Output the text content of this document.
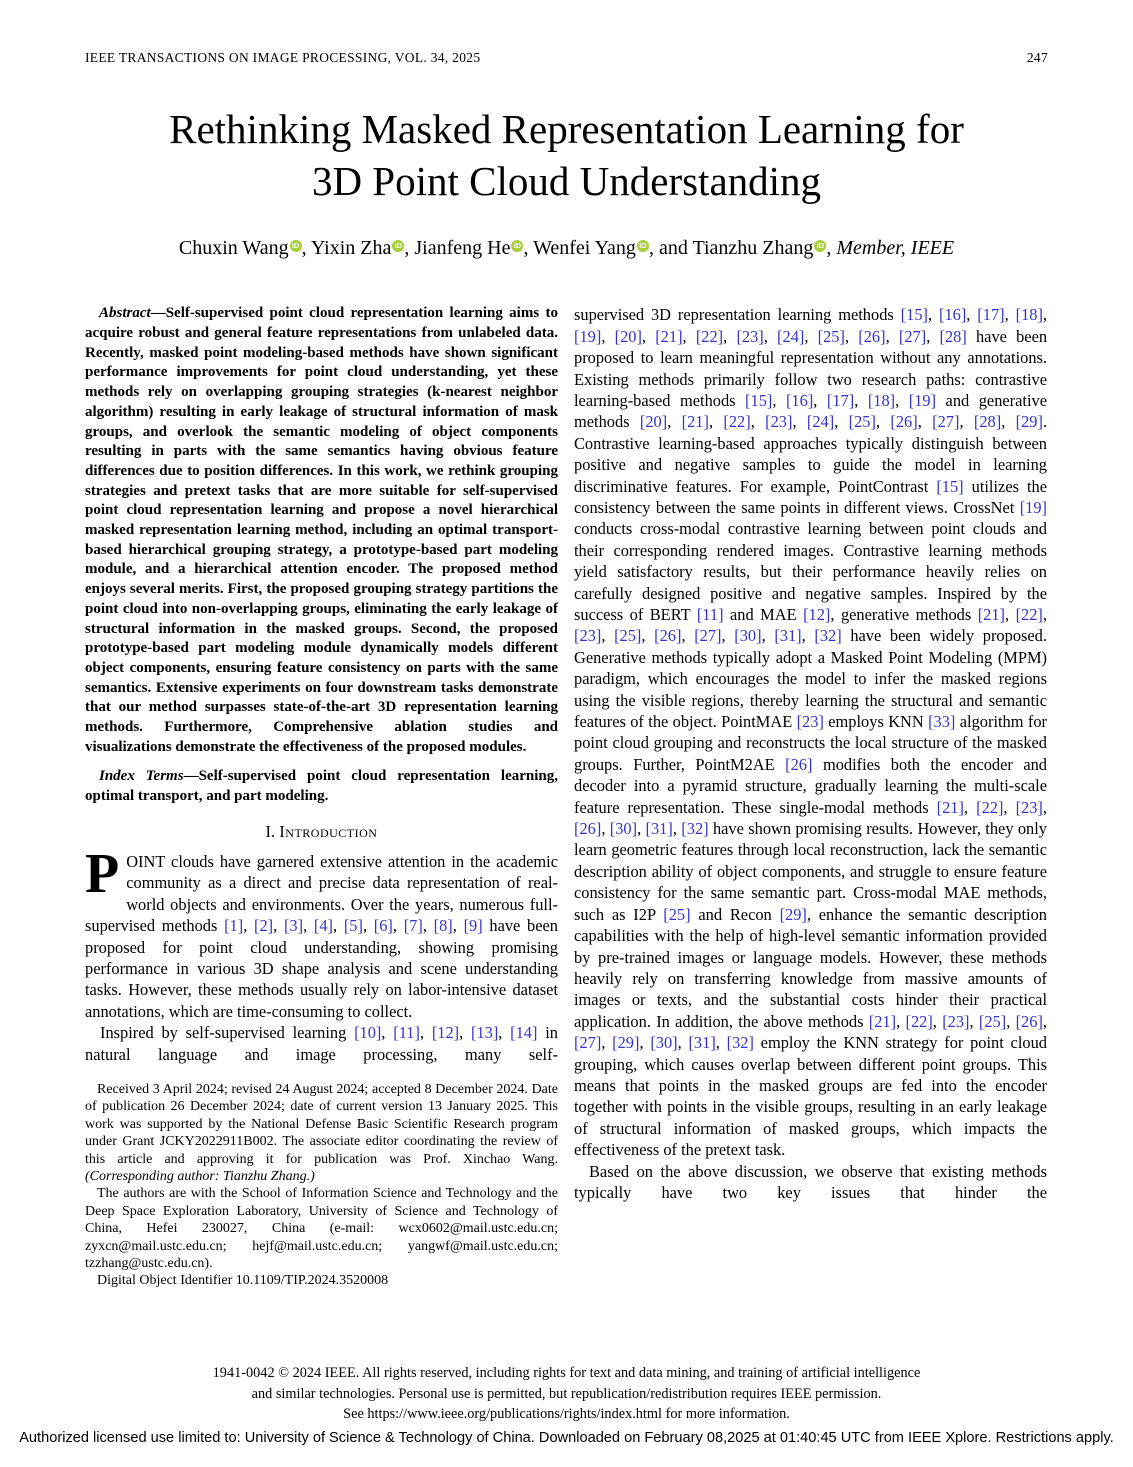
IEEE TRANSACTIONS ON IMAGE PROCESSING, VOL. 34, 2025	247
Rethinking Masked Representation Learning for
3D Point Cloud Understanding
Chuxin Wang iD , Yixin Zha iD , Jianfeng He iD , Wenfei Yang iD , and Tianzhu Zhang iD , Member, IEEE

Abstract—Self-supervised point cloud representation learning aims to acquire robust and general feature representations from unlabeled data. Recently, masked point modeling-based methods have shown significant performance improvements for point cloud understanding, yet these methods rely on overlapping grouping strategies (k-nearest neighbor algorithm) resulting in early leakage of structural information of mask groups, and overlook the semantic modeling of object components resulting in parts with the same semantics having obvious feature differences due to position differences. In this work, we rethink grouping strategies and pretext tasks that are more suitable for self-supervised point cloud representation learning and propose a novel hierarchical masked representation learning method, including an optimal transport-based hierarchical grouping strategy, a prototype-based part modeling module, and a hierarchical attention encoder. The proposed method enjoys several merits. First, the proposed grouping strategy partitions the point cloud into non-overlapping groups, eliminating the early leakage of structural information in the masked groups. Second, the proposed prototype-based part modeling module dynamically models different object components, ensuring feature consistency on parts with the same semantics. Extensive experiments on four downstream tasks demonstrate that our method surpasses state-of-the-art 3D representation learning methods. Furthermore, Comprehensive ablation studies and visualizations demonstrate the effectiveness of the proposed modules.

Index Terms—Self-supervised point cloud representation learning, optimal transport, and part modeling.

I. Introduction

POINT clouds have garnered extensive attention in the academic community as a direct and precise data representation of real-world objects and environments. Over the years, numerous full-supervised methods [1], [2], [3], [4], [5], [6], [7], [8], [9] have been proposed for point cloud understanding, showing promising performance in various 3D shape analysis and scene understanding tasks. However, these methods usually rely on labor-intensive dataset annotations, which are time-consuming to collect.

Inspired by self-supervised learning [10], [11], [12], [13], [14] in natural language and image processing, many self-

Received 3 April 2024; revised 24 August 2024; accepted 8 December 2024. Date of publication 26 December 2024; date of current version 13 January 2025. This work was supported by the National Defense Basic Scientific Research program under Grant JCKY2022911B002. The associate editor coordinating the review of this article and approving it for publication was Prof. Xinchao Wang. (Corresponding author: Tianzhu Zhang.)

The authors are with the School of Information Science and Technology and the Deep Space Exploration Laboratory, University of Science and Technology of China, Hefei 230027, China (e-mail: wcx0602@mail.ustc.edu.cn; zyxcn@mail.ustc.edu.cn; hejf@mail.ustc.edu.cn; yangwf@mail.ustc.edu.cn; tzzhang@ustc.edu.cn).

Digital Object Identifier 10.1109/TIP.2024.3520008

supervised 3D representation learning methods [15], [16], [17], [18], [19], [20], [21], [22], [23], [24], [25], [26], [27], [28] have been proposed to learn meaningful representation without any annotations. Existing methods primarily follow two research paths: contrastive learning-based methods [15], [16], [17], [18], [19] and generative methods [20], [21], [22], [23], [24], [25], [26], [27], [28], [29]. Contrastive learning-based approaches typically distinguish between positive and negative samples to guide the model in learning discriminative features. For example, PointContrast [15] utilizes the consistency between the same points in different views. CrossNet [19] conducts cross-modal contrastive learning between point clouds and their corresponding rendered images. Contrastive learning methods yield satisfactory results, but their performance heavily relies on carefully designed positive and negative samples. Inspired by the success of BERT [11] and MAE [12], generative methods [21], [22], [23], [25], [26], [27], [30], [31], [32] have been widely proposed. Generative methods typically adopt a Masked Point Modeling (MPM) paradigm, which encourages the model to infer the masked regions using the visible regions, thereby learning the structural and semantic features of the object. PointMAE [23] employs KNN [33] algorithm for point cloud grouping and reconstructs the local structure of the masked groups. Further, PointM2AE [26] modifies both the encoder and decoder into a pyramid structure, gradually learning the multi-scale feature representation. These single-modal methods [21], [22], [23], [26], [30], [31], [32] have shown promising results. However, they only learn geometric features through local reconstruction, lack the semantic description ability of object components, and struggle to ensure feature consistency for the same semantic part. Cross-modal MAE methods, such as I2P [25] and Recon [29], enhance the semantic description capabilities with the help of high-level semantic information provided by pre-trained images or language models. However, these methods heavily rely on transferring knowledge from massive amounts of images or texts, and the substantial costs hinder their practical application. In addition, the above methods [21], [22], [23], [25], [26], [27], [29], [30], [31], [32] employ the KNN strategy for point cloud grouping, which causes overlap between different point groups. This means that points in the masked groups are fed into the encoder together with points in the visible groups, resulting in an early leakage of structural information of masked groups, which impacts the effectiveness of the pretext task.

Based on the above discussion, we observe that existing methods typically have two key issues that hinder the

1941-0042 © 2024 IEEE. All rights reserved, including rights for text and data mining, and training of artificial intelligence
and similar technologies. Personal use is permitted, but republication/redistribution requires IEEE permission.
See https://www.ieee.org/publications/rights/index.html for more information.
Authorized licensed use limited to: University of Science & Technology of China. Downloaded on February 08,2025 at 01:40:45 UTC from IEEE Xplore. Restrictions apply.
